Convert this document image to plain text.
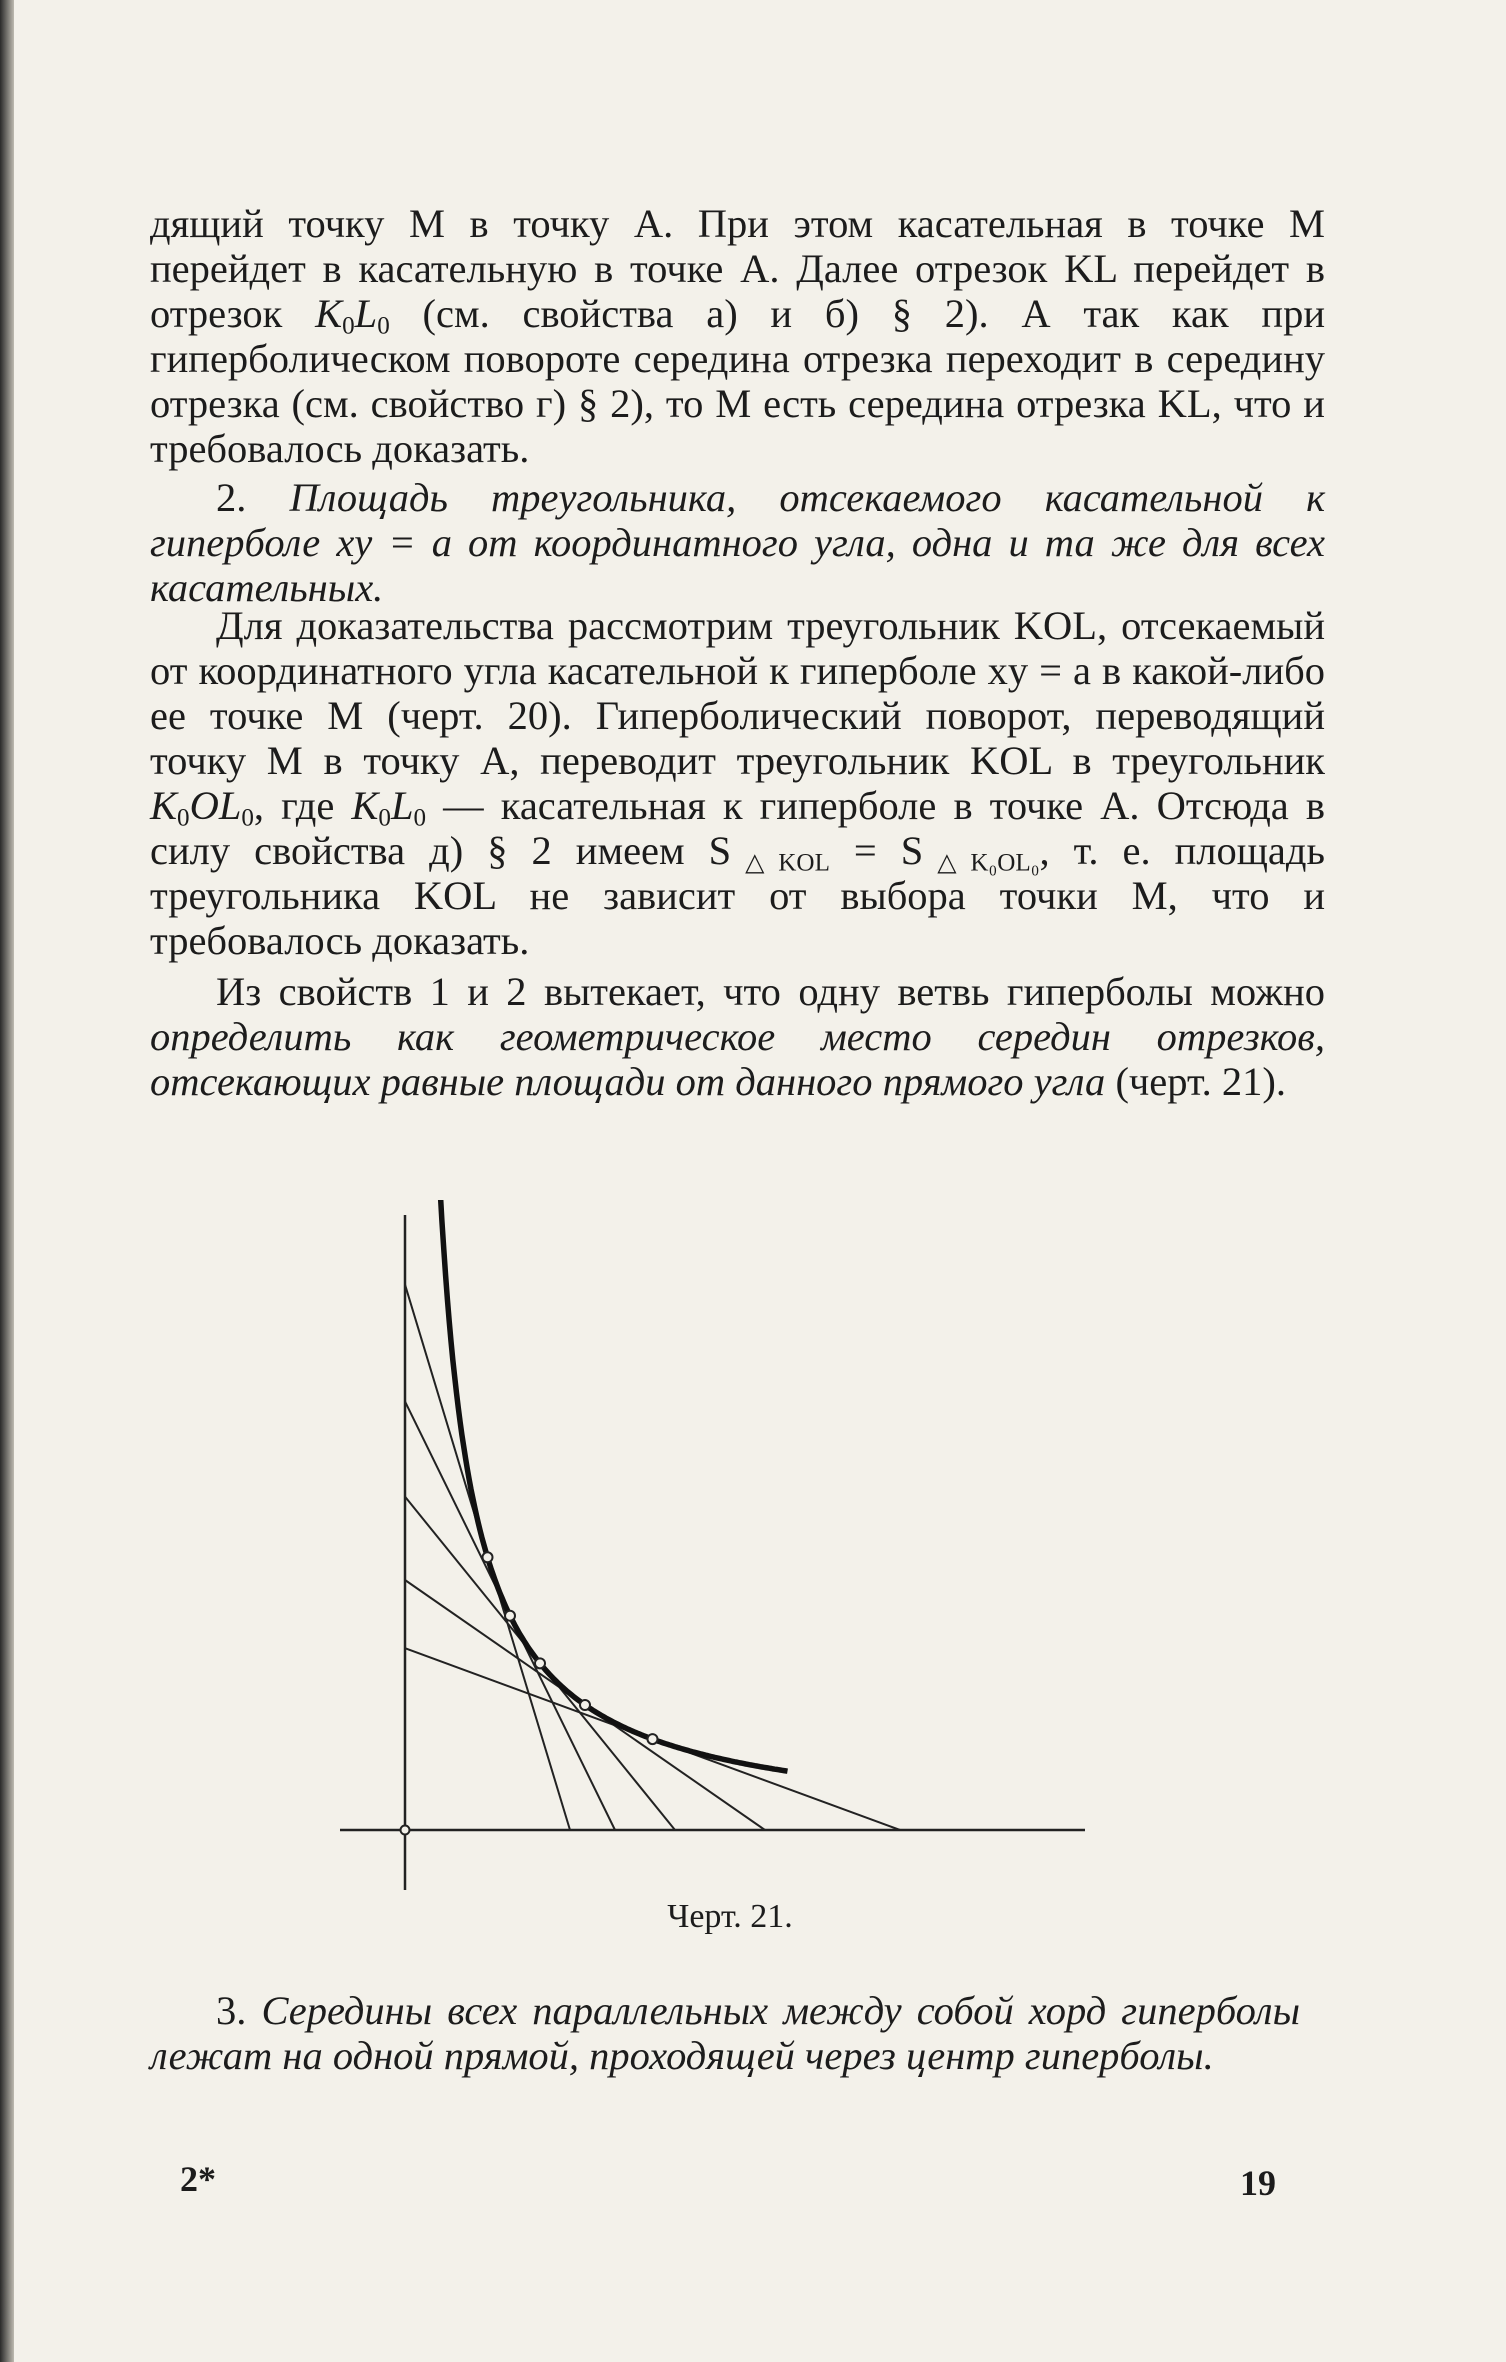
дящий точку М в точку А. При этом касательная в точке М перейдет в касательную в точке А. Далее отрезок KL перейдет в отрезок $K_0L_0$ (см. свойства а) и б) § 2). А так как при гиперболическом повороте середина отрезка переходит в середину отрезка (см. свойство г) § 2), то М есть середина отрезка KL, что и требовалось доказать.

2. Площадь треугольника, отсекаемого касательной к гиперболе xy = a от координатного угла, одна и та же для всех касательных.

Для доказательства рассмотрим треугольник KOL, отсекаемый от координатного угла касательной к гиперболе xy = a в какой-либо ее точке М (черт. 20). Гиперболический поворот, переводящий точку М в точку А, переводит треугольник KOL в треугольник $K_0OL_0$, где $K_0L_0$ — касательная к гиперболе в точке А. Отсюда в силу свойства д) § 2 имеем $S_{\triangle KOL} = S_{\triangle K_0OL_0}$, т. е. площадь треугольника KOL не зависит от выбора точки М, что и требовалось доказать.

Из свойств 1 и 2 вытекает, что одну ветвь гиперболы можно определить как геометрическое место середин отрезков, отсекающих равные площади от данного прямого угла (черт. 21).

Черт. 21.

3. Середины всех параллельных между собой хорд гиперболы лежат на одной прямой, проходящей через центр гиперболы.

2*	19
